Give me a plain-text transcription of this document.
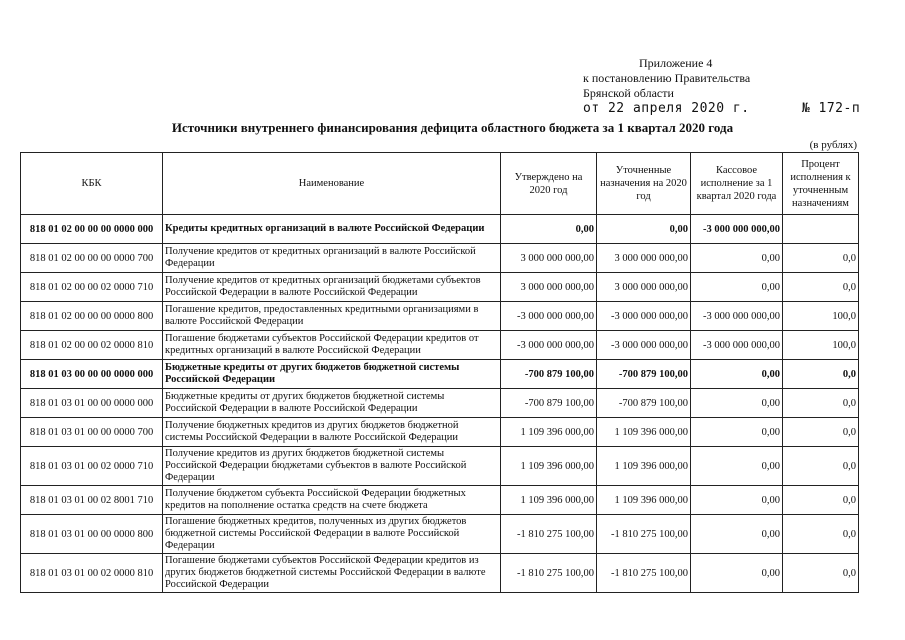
Приложение 4
к постановлению Правительства
Брянской области
от 22 апреля 2020 г.	№ 172-п
Источники внутреннего финансирования дефицита областного бюджета за 1 квартал 2020 года
(в рублях)
КБК	Наименование	Утверждено на 2020 год	Уточненные назначения на 2020 год	Кассовое исполнение за 1 квартал 2020 года	Процент исполнения к уточненным назначениям
818 01 02 00 00 00 0000 000	Кредиты кредитных организаций в валюте Российской Федерации	0,00	0,00	-3 000 000 000,00	
818 01 02 00 00 00 0000 700	Получение кредитов от кредитных организаций в валюте Российской Федерации	3 000 000 000,00	3 000 000 000,00	0,00	0,0
818 01 02 00 00 02 0000 710	Получение кредитов от кредитных организаций бюджетами субъектов Российской Федерации в валюте Российской Федерации	3 000 000 000,00	3 000 000 000,00	0,00	0,0
818 01 02 00 00 00 0000 800	Погашение кредитов, предоставленных кредитными организациями в валюте Российской Федерации	-3 000 000 000,00	-3 000 000 000,00	-3 000 000 000,00	100,0
818 01 02 00 00 02 0000 810	Погашение бюджетами субъектов Российской Федерации кредитов от кредитных организаций в валюте Российской Федерации	-3 000 000 000,00	-3 000 000 000,00	-3 000 000 000,00	100,0
818 01 03 00 00 00 0000 000	Бюджетные кредиты от других бюджетов бюджетной системы Российской Федерации	-700 879 100,00	-700 879 100,00	0,00	0,0
818 01 03 01 00 00 0000 000	Бюджетные кредиты от других бюджетов бюджетной системы Российской Федерации в валюте Российской Федерации	-700 879 100,00	-700 879 100,00	0,00	0,0
818 01 03 01 00 00 0000 700	Получение бюджетных кредитов из других бюджетов бюджетной системы Российской Федерации в валюте Российской Федерации	1 109 396 000,00	1 109 396 000,00	0,00	0,0
818 01 03 01 00 02 0000 710	Получение кредитов из других бюджетов бюджетной системы Российской Федерации бюджетами субъектов в валюте Российской Федерации	1 109 396 000,00	1 109 396 000,00	0,00	0,0
818 01 03 01 00 02 8001 710	Получение бюджетом субъекта Российской Федерации бюджетных кредитов на пополнение остатка средств на счете бюджета	1 109 396 000,00	1 109 396 000,00	0,00	0,0
818 01 03 01 00 00 0000 800	Погашение бюджетных кредитов, полученных из других бюджетов бюджетной системы Российской Федерации в валюте Российской Федерации	-1 810 275 100,00	-1 810 275 100,00	0,00	0,0
818 01 03 01 00 02 0000 810	Погашение бюджетами субъектов Российской Федерации кредитов из других бюджетов бюджетной системы Российской Федерации в валюте Российской Федерации	-1 810 275 100,00	-1 810 275 100,00	0,00	0,0
